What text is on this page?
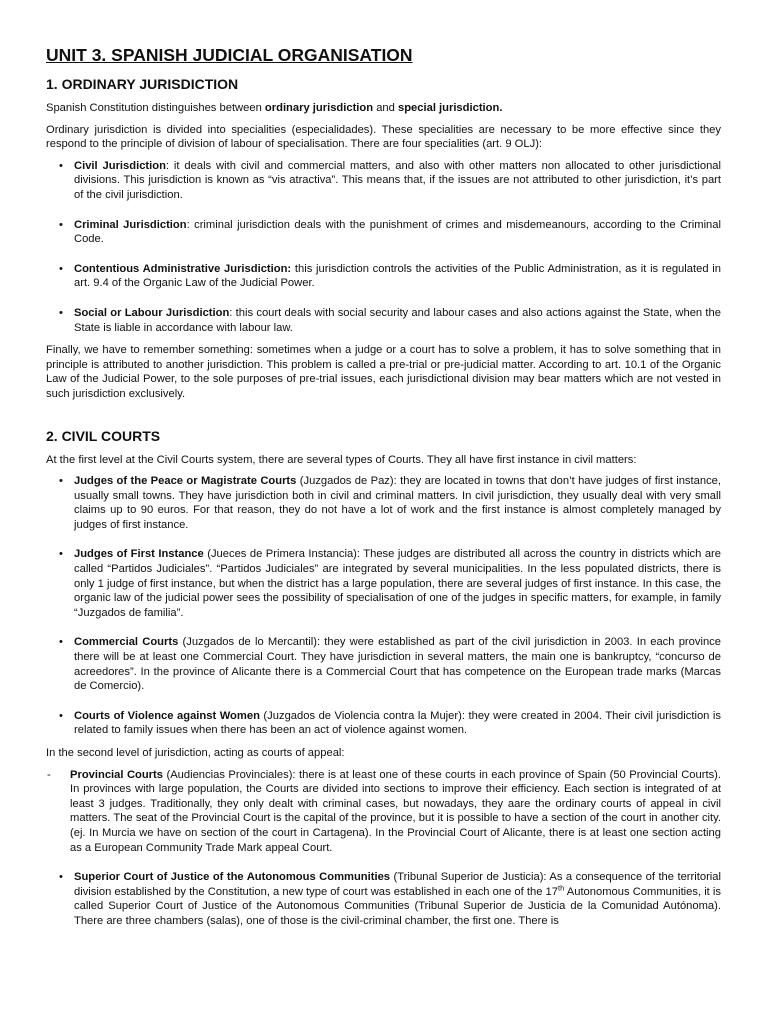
UNIT 3. SPANISH JUDICIAL ORGANISATION
1. ORDINARY JURISDICTION

Spanish Constitution distinguishes between ordinary jurisdiction and special jurisdiction.

Ordinary jurisdiction is divided into specialities (especialidades). These specialities are necessary to be more effective since they respond to the principle of division of labour of specialisation. There are four specialities (art. 9 OLJ):

• Civil Jurisdiction: it deals with civil and commercial matters, and also with other matters non allocated to other jurisdictional divisions. This jurisdiction is known as “vis atractiva”. This means that, if the issues are not attributed to other jurisdiction, it’s part of the civil jurisdiction.
• Criminal Jurisdiction: criminal jurisdiction deals with the punishment of crimes and misdemeanours, according to the Criminal Code.
• Contentious Administrative Jurisdiction: this jurisdiction controls the activities of the Public Administration, as it is regulated in art. 9.4 of the Organic Law of the Judicial Power.
• Social or Labour Jurisdiction: this court deals with social security and labour cases and also actions against the State, when the State is liable in accordance with labour law.

Finally, we have to remember something: sometimes when a judge or a court has to solve a problem, it has to solve something that in principle is attributed to another jurisdiction. This problem is called a pre-trial or pre-judicial matter. According to art. 10.1 of the Organic Law of the Judicial Power, to the sole purposes of pre-trial issues, each jurisdictional division may bear matters which are not vested in such jurisdiction exclusively.

2. CIVIL COURTS

At the first level at the Civil Courts system, there are several types of Courts. They all have first instance in civil matters:

• Judges of the Peace or Magistrate Courts (Juzgados de Paz): they are located in towns that don’t have judges of first instance, usually small towns. They have jurisdiction both in civil and criminal matters. In civil jurisdiction, they usually deal with very small claims up to 90 euros. For that reason, they do not have a lot of work and the first instance is almost completely managed by judges of first instance.
• Judges of First Instance (Jueces de Primera Instancia): These judges are distributed all across the country in districts which are called “Partidos Judiciales”. “Partidos Judiciales” are integrated by several municipalities. In the less populated districts, there is only 1 judge of first instance, but when the district has a large population, there are several judges of first instance. In this case, the organic law of the judicial power sees the possibility of specialisation of one of the judges in specific matters, for example, in family “Juzgados de familia”.
• Commercial Courts (Juzgados de lo Mercantil): they were established as part of the civil jurisdiction in 2003. In each province there will be at least one Commercial Court. They have jurisdiction in several matters, the main one is bankruptcy, “concurso de acreedores”. In the province of Alicante there is a Commercial Court that has competence on the European trade marks (Marcas de Comercio).
• Courts of Violence against Women (Juzgados de Violencia contra la Mujer): they were created in 2004. Their civil jurisdiction is related to family issues when there has been an act of violence against women.

In the second level of jurisdiction, acting as courts of appeal:

- Provincial Courts (Audiencias Provinciales): there is at least one of these courts in each province of Spain (50 Provincial Courts). In provinces with large population, the Courts are divided into sections to improve their efficiency. Each section is integrated of at least 3 judges. Traditionally, they only dealt with criminal cases, but nowadays, they aare the ordinary courts of appeal in civil matters. The seat of the Provincial Court is the capital of the province, but it is possible to have a section of the court in another city. (ej. In Murcia we have on section of the court in Cartagena). In the Provincial Court of Alicante, there is at least one section acting as a European Community Trade Mark appeal Court.
• Superior Court of Justice of the Autonomous Communities (Tribunal Superior de Justicia): As a consequence of the territorial division established by the Constitution, a new type of court was established in each one of the 17th Autonomous Communities, it is called Superior Court of Justice of the Autonomous Communities (Tribunal Superior de Justicia de la Comunidad Autónoma). There are three chambers (salas), one of those is the civil-criminal chamber, the first one. There is
